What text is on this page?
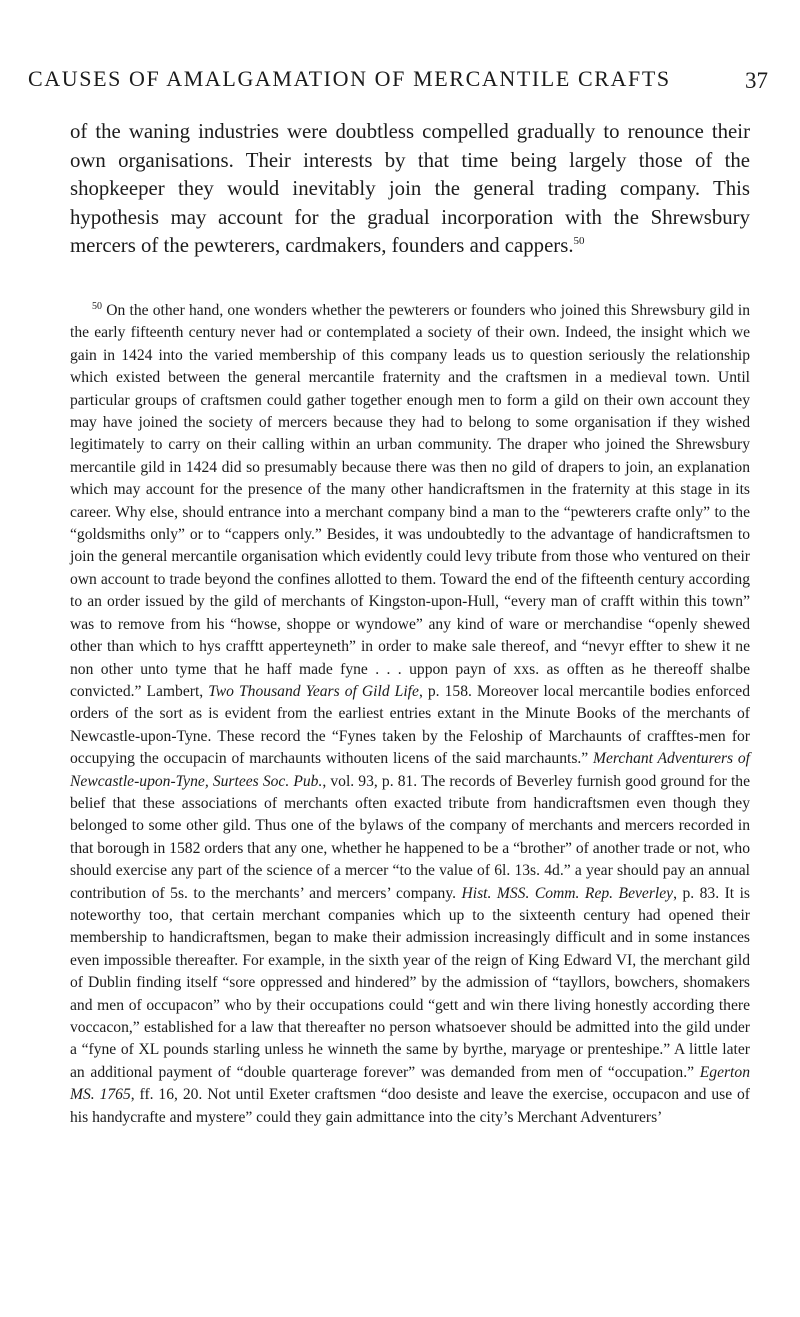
CAUSES OF AMALGAMATION OF MERCANTILE CRAFTS	37

of the waning industries were doubtless compelled gradually to renounce their own organisations. Their interests by that time being largely those of the shopkeeper they would inevitably join the general trading company. This hypothesis may account for the gradual incorporation with the Shrewsbury mercers of the pewterers, cardmakers, founders and cappers.$^{50}$

$^{50}$ On the other hand, one wonders whether the pewterers or founders who joined this Shrewsbury gild in the early fifteenth century never had or contemplated a society of their own. Indeed, the insight which we gain in 1424 into the varied membership of this company leads us to question seriously the relationship which existed between the general mercantile fraternity and the craftsmen in a medieval town. Until particular groups of craftsmen could gather together enough men to form a gild on their own account they may have joined the society of mercers because they had to belong to some organisation if they wished legitimately to carry on their calling within an urban community. The draper who joined the Shrewsbury mercantile gild in 1424 did so presumably because there was then no gild of drapers to join, an explanation which may account for the presence of the many other handicraftsmen in the fraternity at this stage in its career. Why else, should entrance into a merchant company bind a man to the “pewterers crafte only” to the “goldsmiths only” or to “cappers only.” Besides, it was undoubtedly to the advantage of handicraftsmen to join the general mercantile organisation which evidently could levy tribute from those who ventured on their own account to trade beyond the confines allotted to them. Toward the end of the fifteenth century according to an order issued by the gild of merchants of Kingston-upon-Hull, “every man of crafft within this town” was to remove from his “howse, shoppe or wyndowe” any kind of ware or merchandise “openly shewed other than which to hys crafftt apperteyneth” in order to make sale thereof, and “nevyr effter to shew it ne non other unto tyme that he haff made fyne . . . uppon payn of xxs. as offten as he thereoff shalbe convicted.” Lambert, Two Thousand Years of Gild Life, p. 158. Moreover local mercantile bodies enforced orders of the sort as is evident from the earliest entries extant in the Minute Books of the merchants of Newcastle-upon-Tyne. These record the “Fynes taken by the Feloship of Marchaunts of crafftes-men for occupying the occupacin of marchaunts withouten licens of the said marchaunts.” Merchant Adventurers of Newcastle-upon-Tyne, Surtees Soc. Pub., vol. 93, p. 81. The records of Beverley furnish good ground for the belief that these associations of merchants often exacted tribute from handicraftsmen even though they belonged to some other gild. Thus one of the bylaws of the company of merchants and mercers recorded in that borough in 1582 orders that any one, whether he happened to be a “brother” of another trade or not, who should exercise any part of the science of a mercer “to the value of 6l. 13s. 4d.” a year should pay an annual contribution of 5s. to the merchants’ and mercers’ company. Hist. MSS. Comm. Rep. Beverley, p. 83. It is noteworthy too, that certain merchant companies which up to the sixteenth century had opened their membership to handicraftsmen, began to make their admission increasingly difficult and in some instances even impossible thereafter. For example, in the sixth year of the reign of King Edward VI, the merchant gild of Dublin finding itself “sore oppressed and hindered” by the admission of “tayllors, bowchers, shomakers and men of occupacon” who by their occupations could “gett and win there living honestly according there voccacon,” established for a law that thereafter no person whatsoever should be admitted into the gild under a “fyne of XL pounds starling unless he winneth the same by byrthe, maryage or prenteshipe.” A little later an additional payment of “double quarterage forever” was demanded from men of “occupation.” Egerton MS. 1765, ff. 16, 20. Not until Exeter craftsmen “doo desiste and leave the exercise, occupacon and use of his handycrafte and mystere” could they gain admittance into the city’s Merchant Adventurers’
